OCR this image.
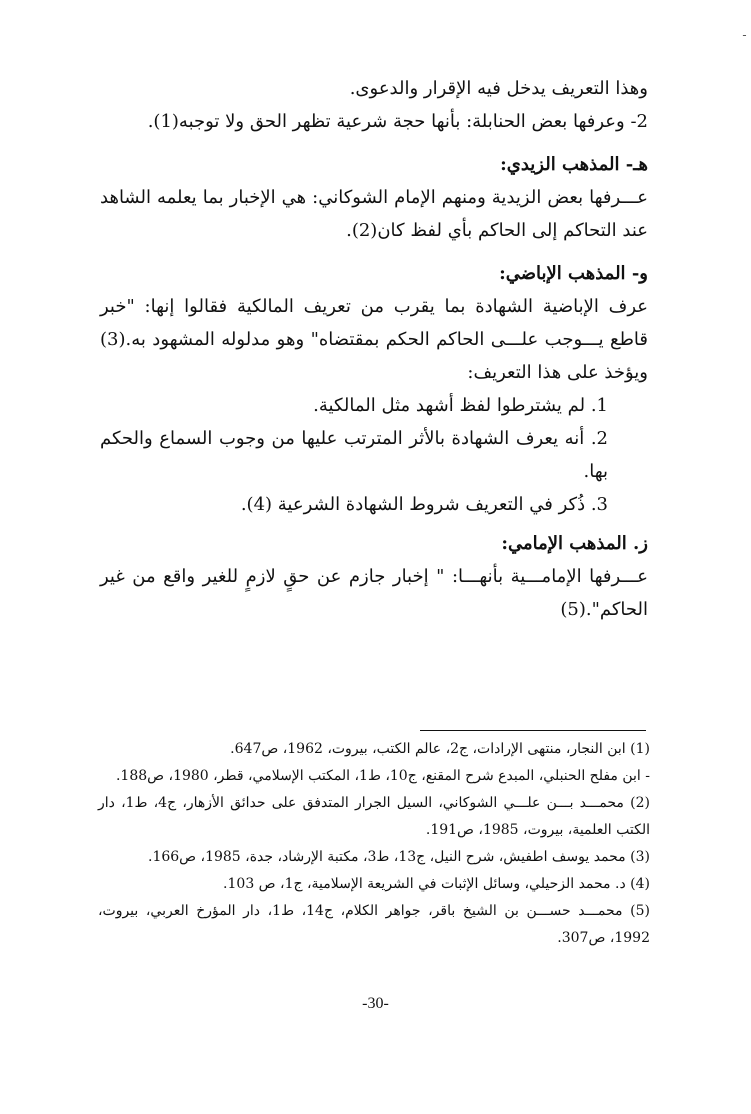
ـ

وهذا التعريف يدخل فيه الإقرار والدعوى.

2- وعرفها بعض الحنابلة: بأنها حجة شرعية تظهر الحق ولا توجبه(1).

هـ- المذهب الزيدي:

عـــرفها بعض الزيدية ومنهم الإمام الشوكاني: هي الإخبار بما يعلمه الشاهد عند التحاكم إلى الحاكم بأي لفظ كان(2).

و- المذهب الإباضي:

عرف الإباضية الشهادة بما يقرب من تعريف المالكية فقالوا إنها: "خبر قاطع يـــوجب علـــى الحاكم الحكم بمقتضاه" وهو مدلوله المشهود به.(3) ويؤخذ على هذا التعريف:

1. لم يشترطوا لفظ أشهد مثل المالكية.
2. أنه يعرف الشهادة بالأثر المترتب عليها من وجوب السماع والحكم بها.
3. ذُكر في التعريف شروط الشهادة الشرعية (4).

ز. المذهب الإمامي:

عـــرفها الإمامـــية بأنهـــا: " إخبار جازم عن حقٍ لازمٍ للغير واقع من غير الحاكم".(5)

(1) ابن النجار، منتهى الإرادات، ج2، عالم الكتب، بيروت، 1962، ص647.

- ابن مفلح الحنبلي، المبدع شرح المقنع، ج10، ط1، المكتب الإسلامي، قطر، 1980، ص188.

(2) محمـــد بـــن علـــي الشوكاني، السيل الجرار المتدفق على حدائق الأزهار، ج4، ط1، دار الكتب العلمية، بيروت، 1985، ص191.

(3) محمد يوسف اطفيش، شرح النيل، ج13، ط3، مكتبة الإرشاد، جدة، 1985، ص166.

(4) د. محمد الزحيلي، وسائل الإثبات في الشريعة الإسلامية، ج1، ص 103.

(5) محمـــد حســـن بن الشيخ باقر، جواهر الكلام، ج14، ط1، دار المؤرخ العربي، بيروت، 1992، ص307.

-30-
